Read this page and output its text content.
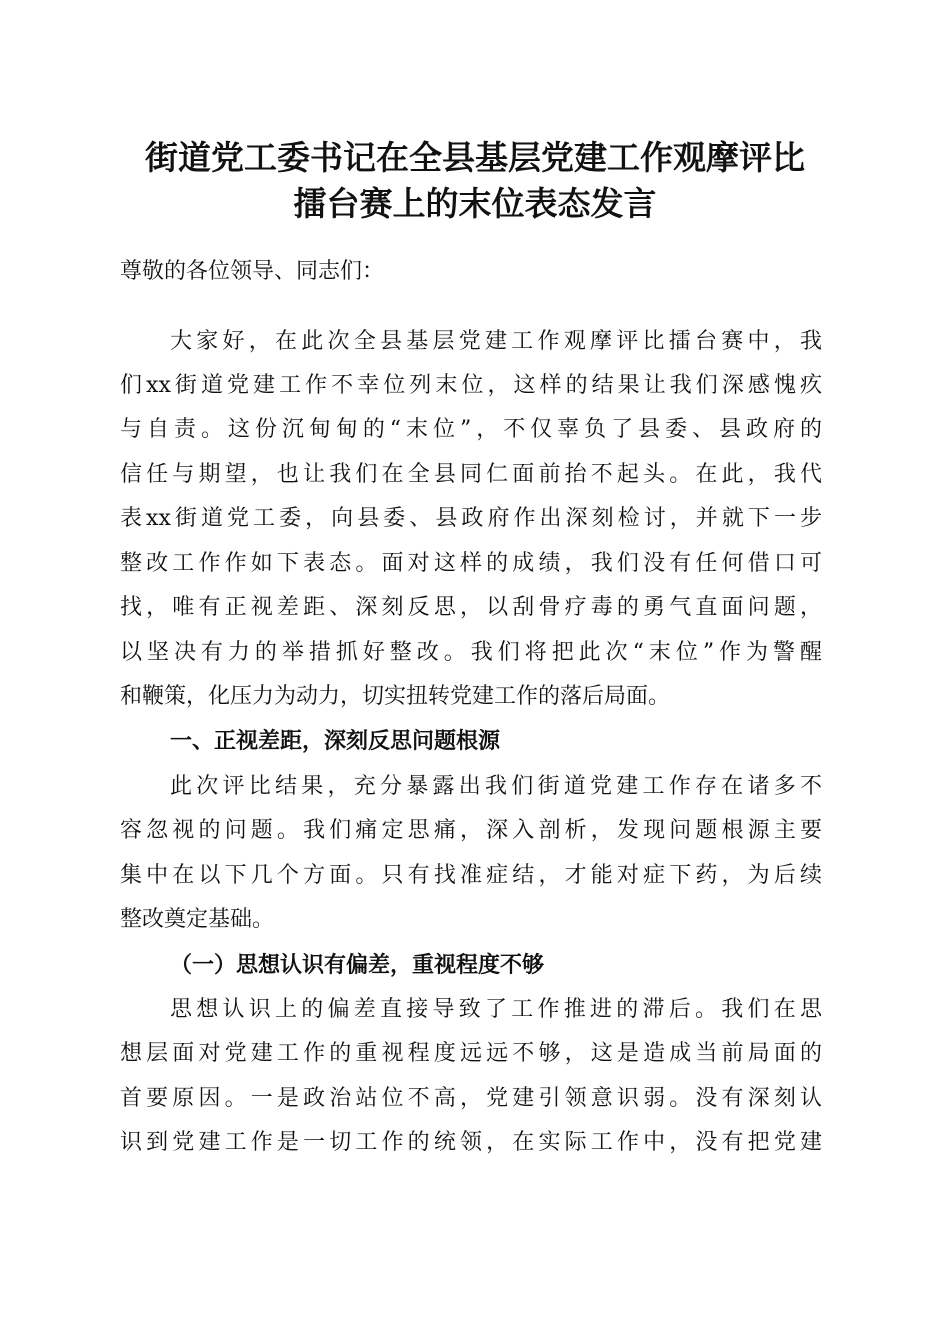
街道党工委书记在全县基层党建工作观摩评比
擂台赛上的末位表态发言
尊敬的各位领导、同志们：
大家好，在此次全县基层党建工作观摩评比擂台赛中，我
们xx街道党建工作不幸位列末位，这样的结果让我们深感愧疚
与自责。这份沉甸甸的“末位”，不仅辜负了县委、县政府的
信任与期望，也让我们在全县同仁面前抬不起头。在此，我代
表xx街道党工委，向县委、县政府作出深刻检讨，并就下一步
整改工作作如下表态。面对这样的成绩，我们没有任何借口可
找，唯有正视差距、深刻反思，以刮骨疗毒的勇气直面问题，
以坚决有力的举措抓好整改。我们将把此次“末位”作为警醒
和鞭策，化压力为动力，切实扭转党建工作的落后局面。
一、正视差距，深刻反思问题根源
此次评比结果，充分暴露出我们街道党建工作存在诸多不
容忽视的问题。我们痛定思痛，深入剖析，发现问题根源主要
集中在以下几个方面。只有找准症结，才能对症下药，为后续
整改奠定基础。
（一）思想认识有偏差，重视程度不够
思想认识上的偏差直接导致了工作推进的滞后。我们在思
想层面对党建工作的重视程度远远不够，这是造成当前局面的
首要原因。一是政治站位不高，党建引领意识弱。没有深刻认
识到党建工作是一切工作的统领，在实际工作中，没有把党建
